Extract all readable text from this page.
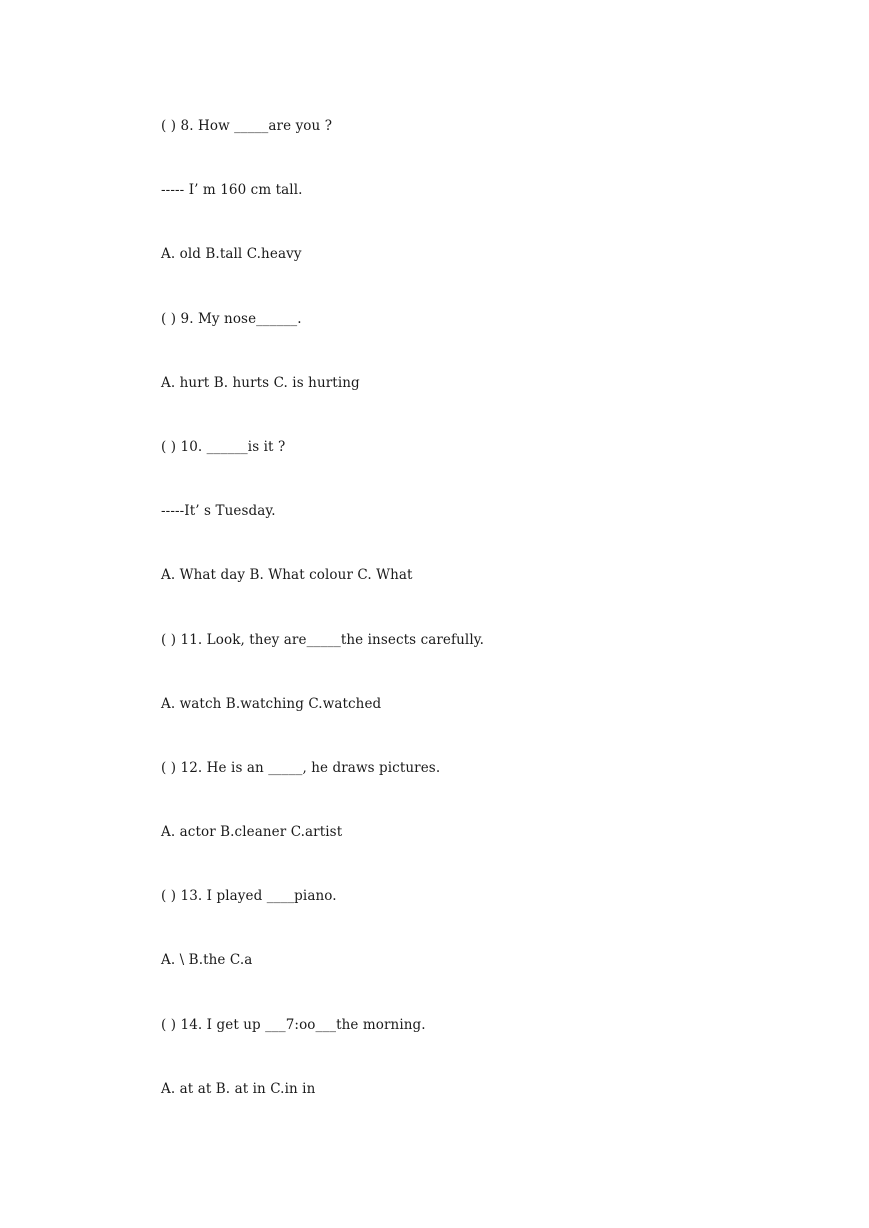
( ) 8. How _____are you ?
----- I’ m 160 cm tall.
A. old B.tall C.heavy
( ) 9. My nose______.
A. hurt B. hurts C. is hurting
( ) 10. ______is it ?
-----It’ s Tuesday.
A. What day B. What colour C. What
( ) 11. Look, they are_____the insects carefully.
A. watch B.watching C.watched
( ) 12. He is an _____, he draws pictures.
A. actor B.cleaner C.artist
( ) 13. I played ____piano.
A. \ B.the C.a
( ) 14. I get up ___7:oo___the morning.
A. at at B. at in C.in in
